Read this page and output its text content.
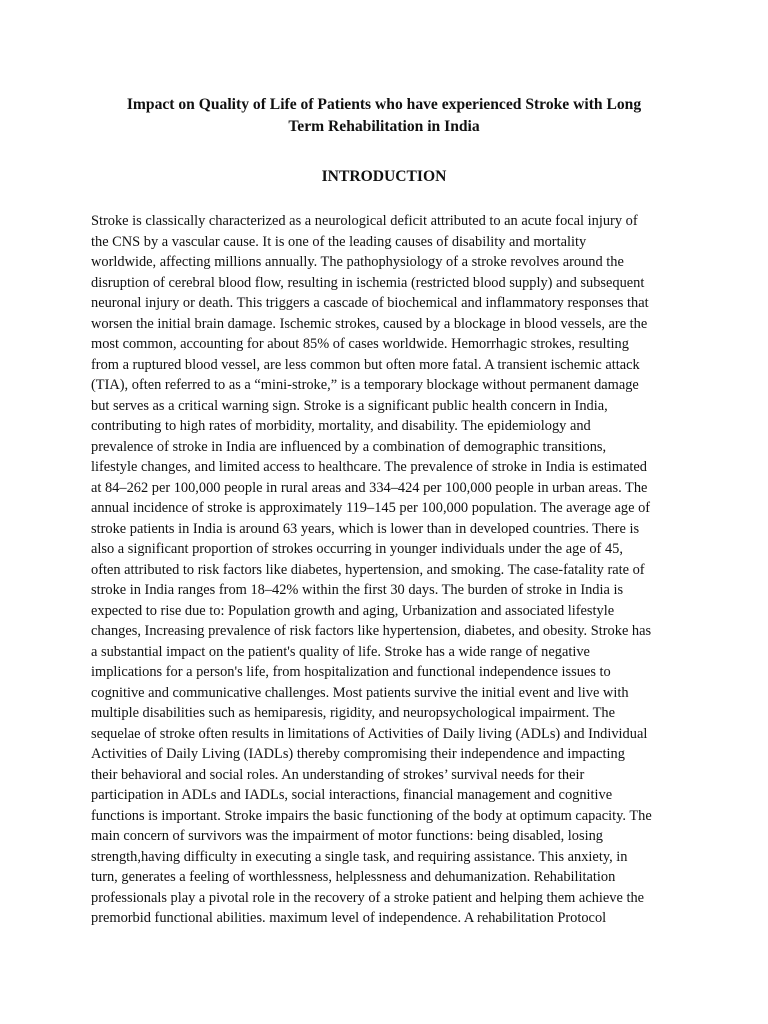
Impact on Quality of Life of Patients who have experienced Stroke with Long
Term Rehabilitation in India
INTRODUCTION
Stroke is classically characterized as a neurological deficit attributed to an acute focal injury of
the CNS by a vascular cause. It is one of the leading causes of disability and mortality
worldwide, affecting millions annually. The pathophysiology of a stroke revolves around the
disruption of cerebral blood flow, resulting in ischemia (restricted blood supply) and subsequent
neuronal injury or death. This triggers a cascade of biochemical and inflammatory responses that
worsen the initial brain damage. Ischemic strokes, caused by a blockage in blood vessels, are the
most common, accounting for about 85% of cases worldwide. Hemorrhagic strokes, resulting
from a ruptured blood vessel, are less common but often more fatal. A transient ischemic attack
(TIA), often referred to as a “mini-stroke,” is a temporary blockage without permanent damage
but serves as a critical warning sign. Stroke is a significant public health concern in India,
contributing to high rates of morbidity, mortality, and disability. The epidemiology and
prevalence of stroke in India are influenced by a combination of demographic transitions,
lifestyle changes, and limited access to healthcare. The prevalence of stroke in India is estimated
at 84–262 per 100,000 people in rural areas and 334–424 per 100,000 people in urban areas. The
annual incidence of stroke is approximately 119–145 per 100,000 population. The average age of
stroke patients in India is around 63 years, which is lower than in developed countries. There is
also a significant proportion of strokes occurring in younger individuals under the age of 45,
often attributed to risk factors like diabetes, hypertension, and smoking. The case-fatality rate of
stroke in India ranges from 18–42% within the first 30 days. The burden of stroke in India is
expected to rise due to: Population growth and aging, Urbanization and associated lifestyle
changes, Increasing prevalence of risk factors like hypertension, diabetes, and obesity. Stroke has
a substantial impact on the patient's quality of life. Stroke has a wide range of negative
implications for a person's life, from hospitalization and functional independence issues to
cognitive and communicative challenges. Most patients survive the initial event and live with
multiple disabilities such as hemiparesis, rigidity, and neuropsychological impairment. The
sequelae of stroke often results in limitations of Activities of Daily living (ADLs) and Individual
Activities of Daily Living (IADLs) thereby compromising their independence and impacting
their behavioral and social roles. An understanding of strokes’ survival needs for their
participation in ADLs and IADLs, social interactions, financial management and cognitive
functions is important. Stroke impairs the basic functioning of the body at optimum capacity. The
main concern of survivors was the impairment of motor functions: being disabled, losing
strength,having difficulty in executing a single task, and requiring assistance. This anxiety, in
turn, generates a feeling of worthlessness, helplessness and dehumanization. Rehabilitation
professionals play a pivotal role in the recovery of a stroke patient and helping them achieve the
premorbid functional abilities. maximum level of independence. A rehabilitation Protocol
